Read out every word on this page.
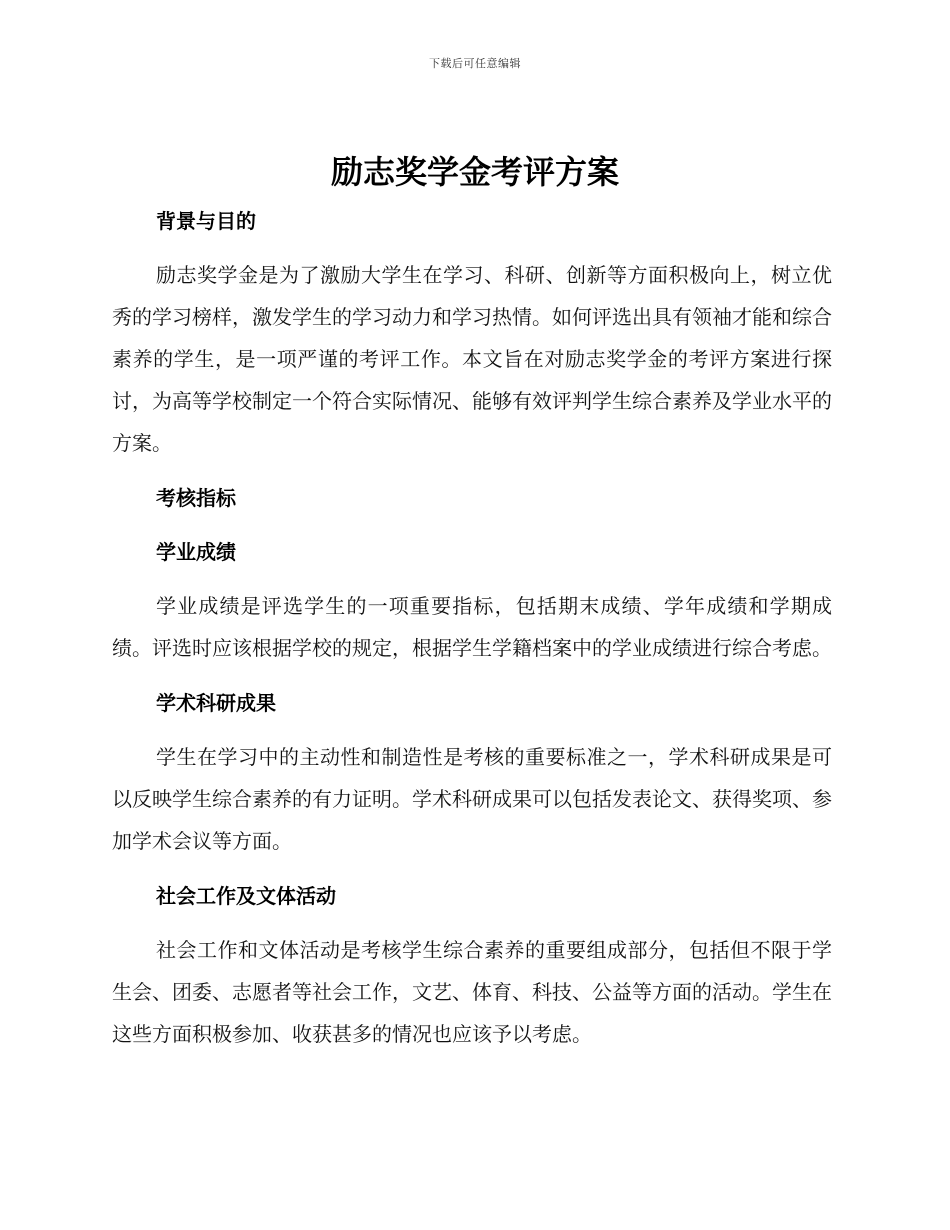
下载后可任意编辑
励志奖学金考评方案
背景与目的

励志奖学金是为了激励大学生在学习、科研、创新等方面积极向上，树立优秀的学习榜样，激发学生的学习动力和学习热情。如何评选出具有领袖才能和综合素养的学生，是一项严谨的考评工作。本文旨在对励志奖学金的考评方案进行探讨，为高等学校制定一个符合实际情况、能够有效评判学生综合素养及学业水平的方案。

考核指标
学业成绩

学业成绩是评选学生的一项重要指标，包括期末成绩、学年成绩和学期成绩。评选时应该根据学校的规定，根据学生学籍档案中的学业成绩进行综合考虑。

学术科研成果

学生在学习中的主动性和制造性是考核的重要标准之一，学术科研成果是可以反映学生综合素养的有力证明。学术科研成果可以包括发表论文、获得奖项、参加学术会议等方面。

社会工作及文体活动

社会工作和文体活动是考核学生综合素养的重要组成部分，包括但不限于学生会、团委、志愿者等社会工作，文艺、体育、科技、公益等方面的活动。学生在这些方面积极参加、收获甚多的情况也应该予以考虑。
